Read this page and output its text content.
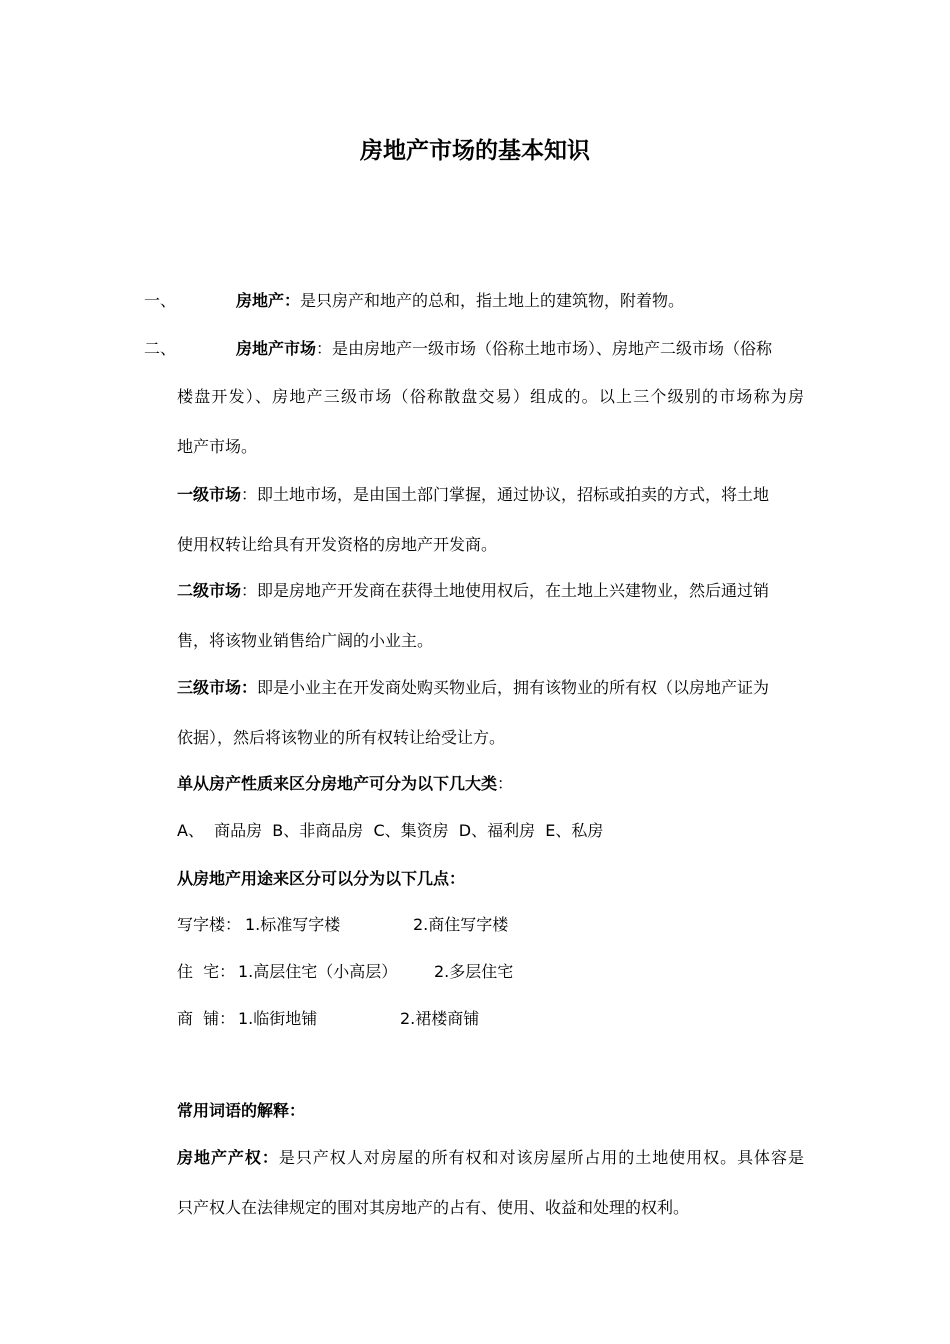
房地产市场的基本知识
一、	房地产：是只房产和地产的总和，指土地上的建筑物，附着物。
二、	房地产市场：是由房地产一级市场（俗称土地市场）、房地产二级市场（俗称
楼盘开发）、房地产三级市场（俗称散盘交易）组成的。以上三个级别的市场称为房
地产市场。
一级市场：即土地市场，是由国土部门掌握，通过协议，招标或拍卖的方式，将土地
使用权转让给具有开发资格的房地产开发商。
二级市场：即是房地产开发商在获得土地使用权后，在土地上兴建物业，然后通过销
售，将该物业销售给广阔的小业主。
三级市场：即是小业主在开发商处购买物业后，拥有该物业的所有权（以房地产证为
依据），然后将该物业的所有权转让给受让方。
单从房产性质来区分房地产可分为以下几大类：
A、  商品房  B、非商品房  C、集资房  D、福利房  E、私房
从房地产用途来区分可以分为以下几点：
写字楼： 1.标准写字楼	2.商住写字楼
住  宅： 1.高层住宅（小高层） 2.多层住宅
商  铺： 1.临街地铺	2.裙楼商铺
常用词语的解释：
房地产产权：是只产权人对房屋的所有权和对该房屋所占用的土地使用权。具体容是
只产权人在法律规定的围对其房地产的占有、使用、收益和处理的权利。
